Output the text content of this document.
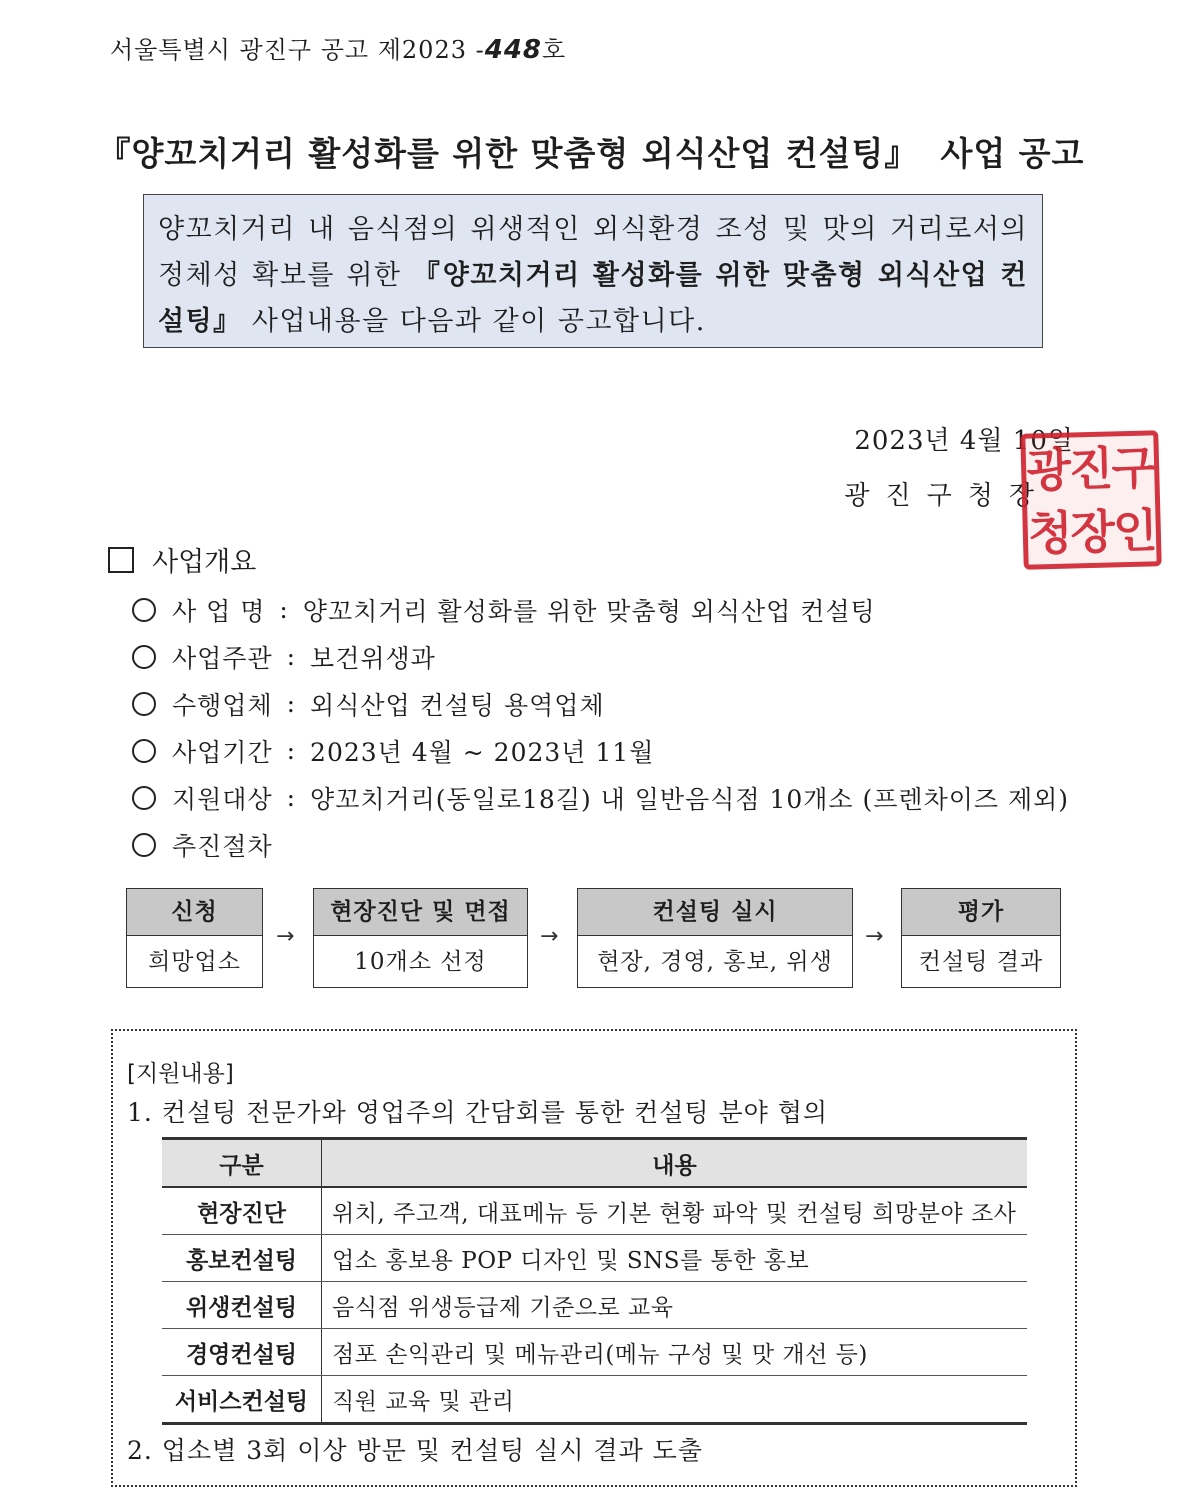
서울특별시 광진구 공고 제2023 -448호
『양꼬치거리 활성화를 위한 맞춤형 외식산업 컨설팅』 사업 공고
양꼬치거리 내 음식점의 위생적인 외식환경 조성 및 맛의 거리로서의 정체성 확보를 위한 『양꼬치거리 활성화를 위한 맞춤형 외식산업 컨설팅』 사업내용을 다음과 같이 공고합니다.
2023년 4월 10일
광진구청장
광진구
청장인
사업개요
사 업 명 : 양꼬치거리 활성화를 위한 맞춤형 외식산업 컨설팅
사업주관 : 보건위생과
수행업체 : 외식산업 컨설팅 용역업체
사업기간 : 2023년 4월 ~ 2023년 11월
지원대상 : 양꼬치거리(동일로18길) 내 일반음식점 10개소 (프렌차이즈 제외)
추진절차
신청
희망업소
→
현장진단 및 면접
10개소 선정
→
컨설팅 실시
현장, 경영, 홍보, 위생
→
평가
컨설팅 결과
[지원내용]
1. 컨설팅 전문가와 영업주의 간담회를 통한 컨설팅 분야 협의
구분	내용
현장진단	위치, 주고객, 대표메뉴 등 기본 현황 파악 및 컨설팅 희망분야 조사
홍보컨설팅	업소 홍보용 POP 디자인 및 SNS를 통한 홍보
위생컨설팅	음식점 위생등급제 기준으로 교육
경영컨설팅	점포 손익관리 및 메뉴관리(메뉴 구성 및 맛 개선 등)
서비스컨설팅	직원 교육 및 관리
2. 업소별 3회 이상 방문 및 컨설팅 실시 결과 도출
